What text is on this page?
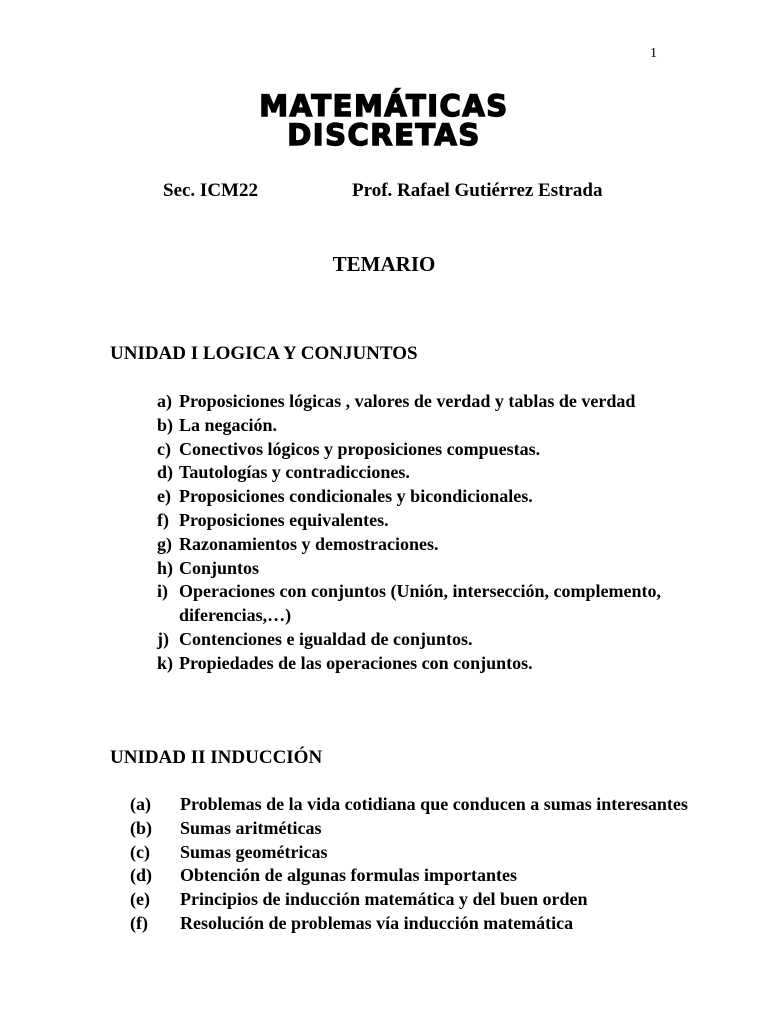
1
MATEMÁTICAS
DISCRETAS
Sec. ICM22	Prof. Rafael Gutiérrez Estrada
TEMARIO
UNIDAD I LOGICA Y CONJUNTOS
a) Proposiciones lógicas , valores de verdad y tablas de verdad
b) La negación.
c) Conectivos lógicos y proposiciones compuestas.
d) Tautologías y contradicciones.
e) Proposiciones condicionales y bicondicionales.
f) Proposiciones equivalentes.
g) Razonamientos y demostraciones.
h) Conjuntos
i) Operaciones con conjuntos (Unión, intersección, complemento, diferencias,…)
j) Contenciones e igualdad de conjuntos.
k) Propiedades de las operaciones con conjuntos.
UNIDAD II INDUCCIÓN
(a)	Problemas de la vida cotidiana que conducen a sumas interesantes
(b)	Sumas aritméticas
(c)	Sumas geométricas
(d)	Obtención de algunas formulas importantes
(e)	Principios de inducción matemática y del buen orden
(f)	Resolución de problemas vía inducción matemática
